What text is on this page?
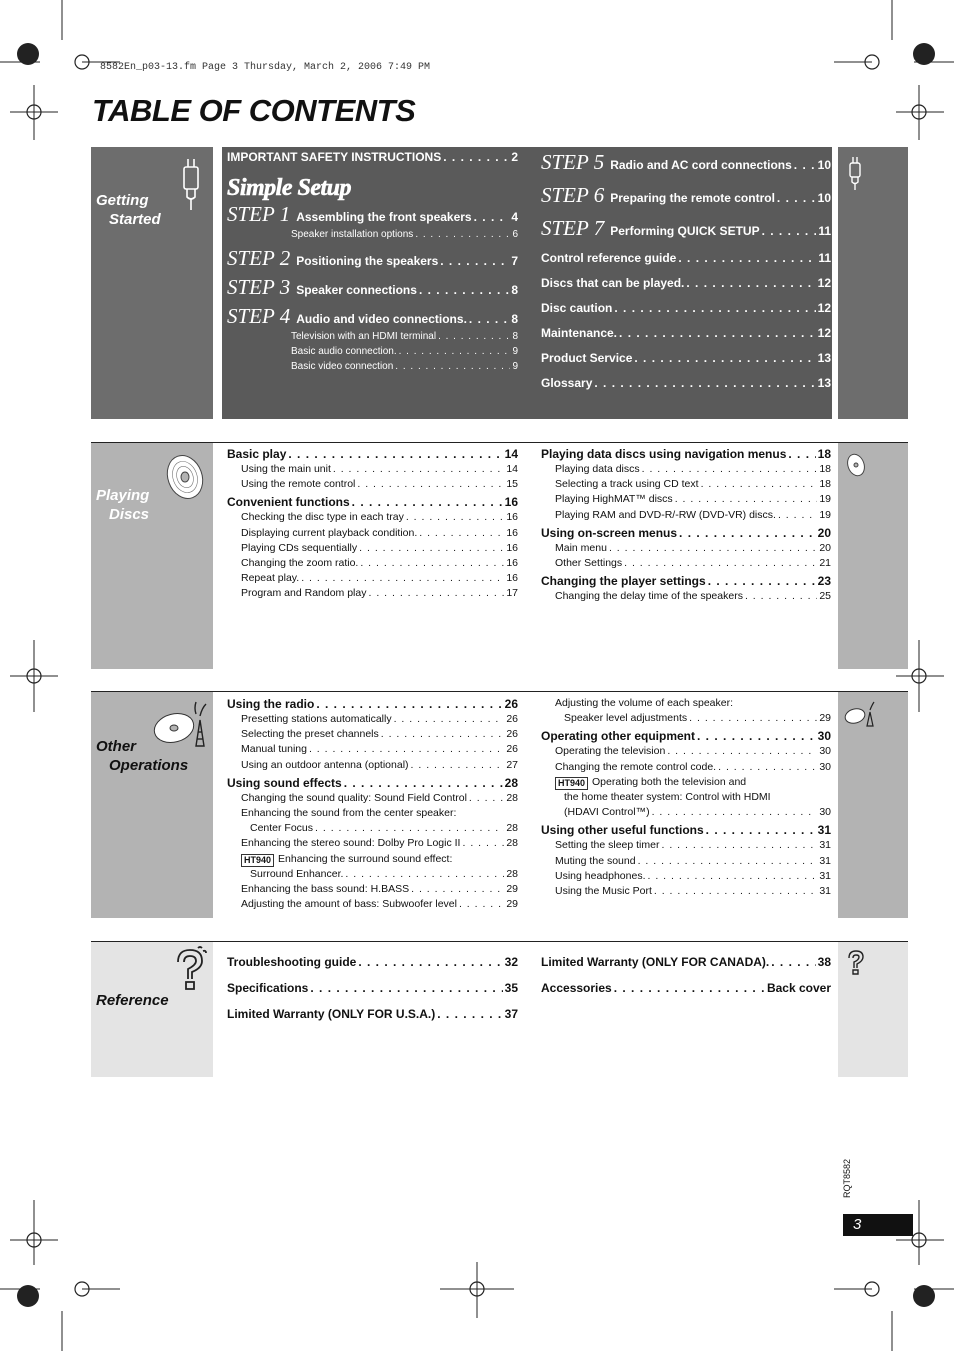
8582En_p03-13.fm Page 3 Thursday, March 2, 2006 7:49 PM
TABLE OF CONTENTS
Getting
Started
IMPORTANT SAFETY INSTRUCTIONS . . .	2
Simple Setup
STEP 1 Assembling the front speakers . . .	4
Speaker installation options . . .	6
STEP 2 Positioning the speakers . . .	7
STEP 3 Speaker connections . . .	8
STEP 4 Audio and video connections. . . .	8
Television with an HDMI terminal . . .	8
Basic audio connection. . . .	9
Basic video connection . . .	9
STEP 5 Radio and AC cord connections . . . 10
STEP 6 Preparing the remote control . . .	10
STEP 7 Performing QUICK SETUP . . .	11
Control reference guide . . .	11
Discs that can be played. . . .	12
Disc caution . . .	12
Maintenance. . . .	12
Product Service . . .	13
Glossary . . .	13
Playing
Discs
Basic play . . .	14
Using the main unit . . .	14
Using the remote control . . .	15
Convenient functions . . .	16
Checking the disc type in each tray . . .	16
Displaying current playback condition. . . .	16
Playing CDs sequentially . . .	16
Changing the zoom ratio. . . .	16
Repeat play. . . .	16
Program and Random play . . .	17
Playing data discs using navigation menus . . .	18
Playing data discs . . .	18
Selecting a track using CD text . . .	18
Playing HighMAT™ discs . . .	19
Playing RAM and DVD-R/-RW (DVD-VR) discs. . . .	19
Using on-screen menus . . .	20
Main menu . . .	20
Other Settings . . .	21
Changing the player settings . . .	23
Changing the delay time of the speakers . . .	25
Other
Operations
Using the radio . . .	26
Presetting stations automatically . . .	26
Selecting the preset channels . . .	26
Manual tuning . . .	26
Using an outdoor antenna (optional) . . .	27
Using sound effects . . .	28
Changing the sound quality: Sound Field Control . . .	28
Enhancing the sound from the center speaker:
Center Focus . . .	28
Enhancing the stereo sound: Dolby Pro Logic II . . .	28
HT940 Enhancing the surround sound effect:
Surround Enhancer. . . .	28
Enhancing the bass sound: H.BASS . . .	29
Adjusting the amount of bass: Subwoofer level . . .	29
Adjusting the volume of each speaker:
Speaker level adjustments . . .	29
Operating other equipment . . .	30
Operating the television . . .	30
Changing the remote control code. . . .	30
HT940 Operating both the television and
the home theater system: Control with HDMI
(HDAVI Control™) . . .	30
Using other useful functions . . .	31
Setting the sleep timer . . .	31
Muting the sound . . .	31
Using headphones. . . .	31
Using the Music Port . . .	31
Reference
Troubleshooting guide . . .	32
Specifications . . .	35
Limited Warranty (ONLY FOR U.S.A.) . . .	37
Limited Warranty (ONLY FOR CANADA). . . .	38
Accessories . . .	Back cover
RQT8582
3
